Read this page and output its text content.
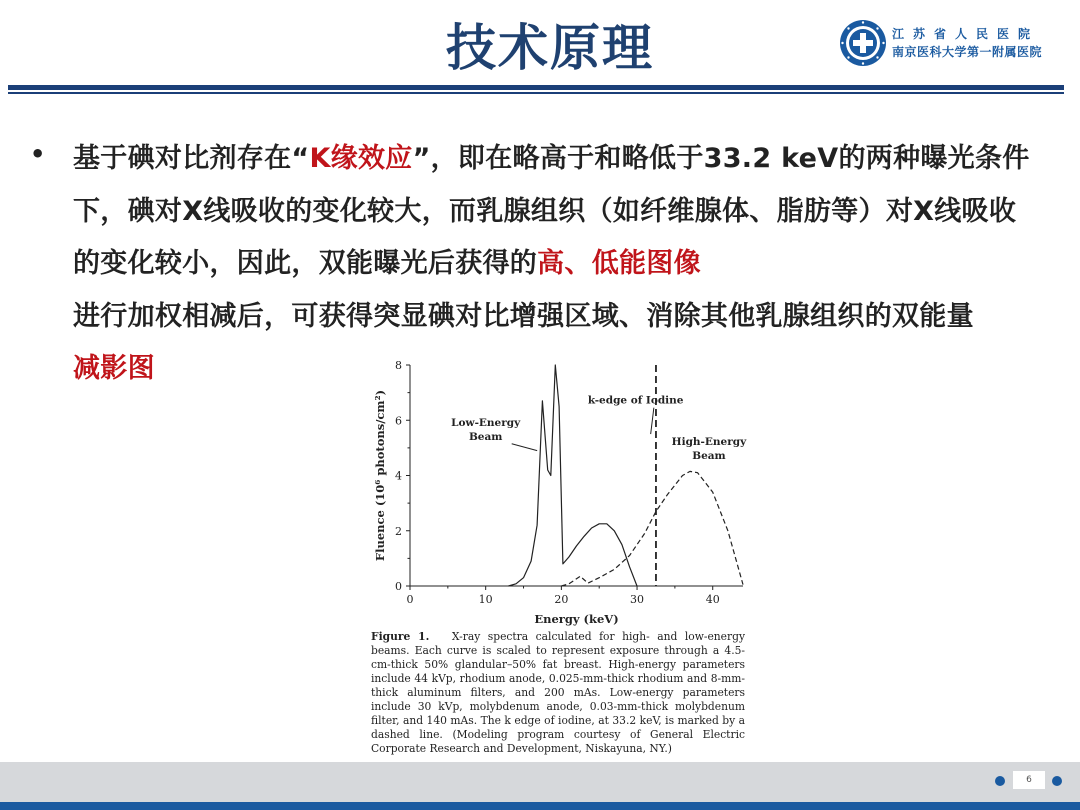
技术原理	江苏省人民医院
南京医科大学第一附属医院
• 基于碘对比剂存在“K缘效应”，即在略高于和略低于33.2 keV的两种曝光条件下，碘对X线吸收的变化较大，而乳腺组织（如纤维腺体、脂肪等）对X线吸收的变化较小，因此，双能曝光后获得的高、低能图像
进行加权相减后，可获得突显碘对比增强区域、消除其他乳腺组织的双能量
减影图
0	10	20	30	40
0
2
4
6
8
Energy (keV)
Fluence (10⁶ photons/cm²)	Low-Energy
Beam
k-edge of Iodine
High-Energy
Beam
Figure 1. X-ray spectra calculated for high- and low-energy beams. Each curve is scaled to represent exposure through a 4.5-cm-thick 50% glandular–50% fat breast. High-energy parameters include 44 kVp, rhodium anode, 0.025-mm-thick rhodium and 8-mm-thick aluminum filters, and 200 mAs. Low-energy parameters include 30 kVp, molybdenum anode, 0.03-mm-thick molybdenum filter, and 140 mAs. The k edge of iodine, at 33.2 keV, is marked by a dashed line. (Modeling program courtesy of General Electric Corporate Research and Development, Niskayuna, NY.)
6
